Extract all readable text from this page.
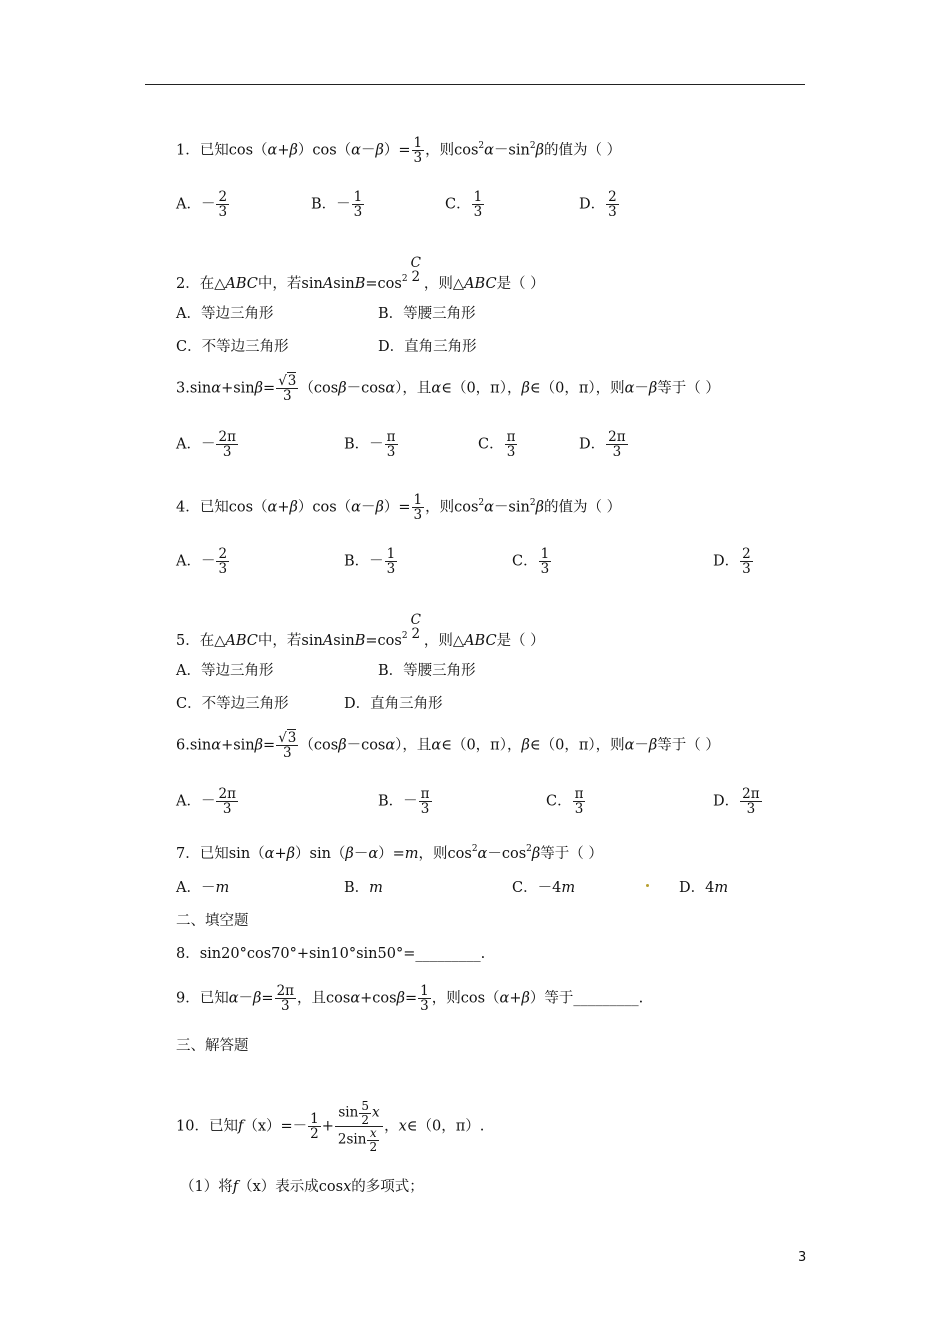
1．已知$\cos(\alpha+\beta)\cos(\alpha-\beta)= \frac{1}{3}$ ，则$\cos^2\alpha-\sin^2\beta$的值为（ ）
A．－ $\frac{2}{3}$	B．－ $\frac{1}{3}$	C． $\frac{1}{3}$	D． $\frac{2}{3}$
2．在△ABC中，若$sinAsinB=\cos^2$
C
2 ，则△ABC是（ ）
A．等边三角形	B．等腰三角形
C．不等边三角形	D．直角三角形
$3.\sin\alpha+\sin\beta= \frac{√3}{3} (\cos\beta-\cos\alpha)$，且α∈（0，π），β∈（0，π），则α－β等于（ ）
A．－ $\frac{2\pi}{3}$	B．－ $\frac{\pi}{3}$	C． $\frac{\pi}{3}$	D． $\frac{2\pi}{3}$
4．已知$\cos(\alpha+\beta)\cos(\alpha-\beta)= \frac{1}{3}$ ，则$\cos^2\alpha-\sin^2\beta$的值为（ ）
A．－ $\frac{2}{3}$	B．－ $\frac{1}{3}$	C． $\frac{1}{3}$	D． $\frac{2}{3}$
5．在△ABC中，若$sinAsinB=\cos^2$
C
2 ，则△ABC是（ ）
A．等边三角形	B．等腰三角形
C．不等边三角形	D．直角三角形
$6.\sin\alpha+\sin\beta= \frac{√3}{3} (\cos\beta-\cos\alpha)$，且α∈（0，π），β∈（0，π），则α－β等于（ ）
A．－ $\frac{2\pi}{3}$	B．－ $\frac{\pi}{3}$	C． $\frac{\pi}{3}$	D． $\frac{2\pi}{3}$
7．已知sin（α+β）sin（β－α）=m，则$\cos^2\alpha-\cos^2\beta$等于（ ）
A．－m	B．m	C．－4m	D．4m
二、填空题
8．sin20°cos70°+sin10°sin50°=_________.
9．已知$\alpha-\beta= \frac{2\pi}{3}$ ，且$\cos\alpha+\cos\beta= \frac{1}{3}$ ，则cos（α+β）等于_________.
三、解答题
10．已知$f(x)=- \frac{1}{2} + \frac{\sin \frac{5}{2} x}{2\sin \frac{x}{2}}$ ，x∈（0，π）.
（1）将f（x）表示成cosx的多项式；
3
